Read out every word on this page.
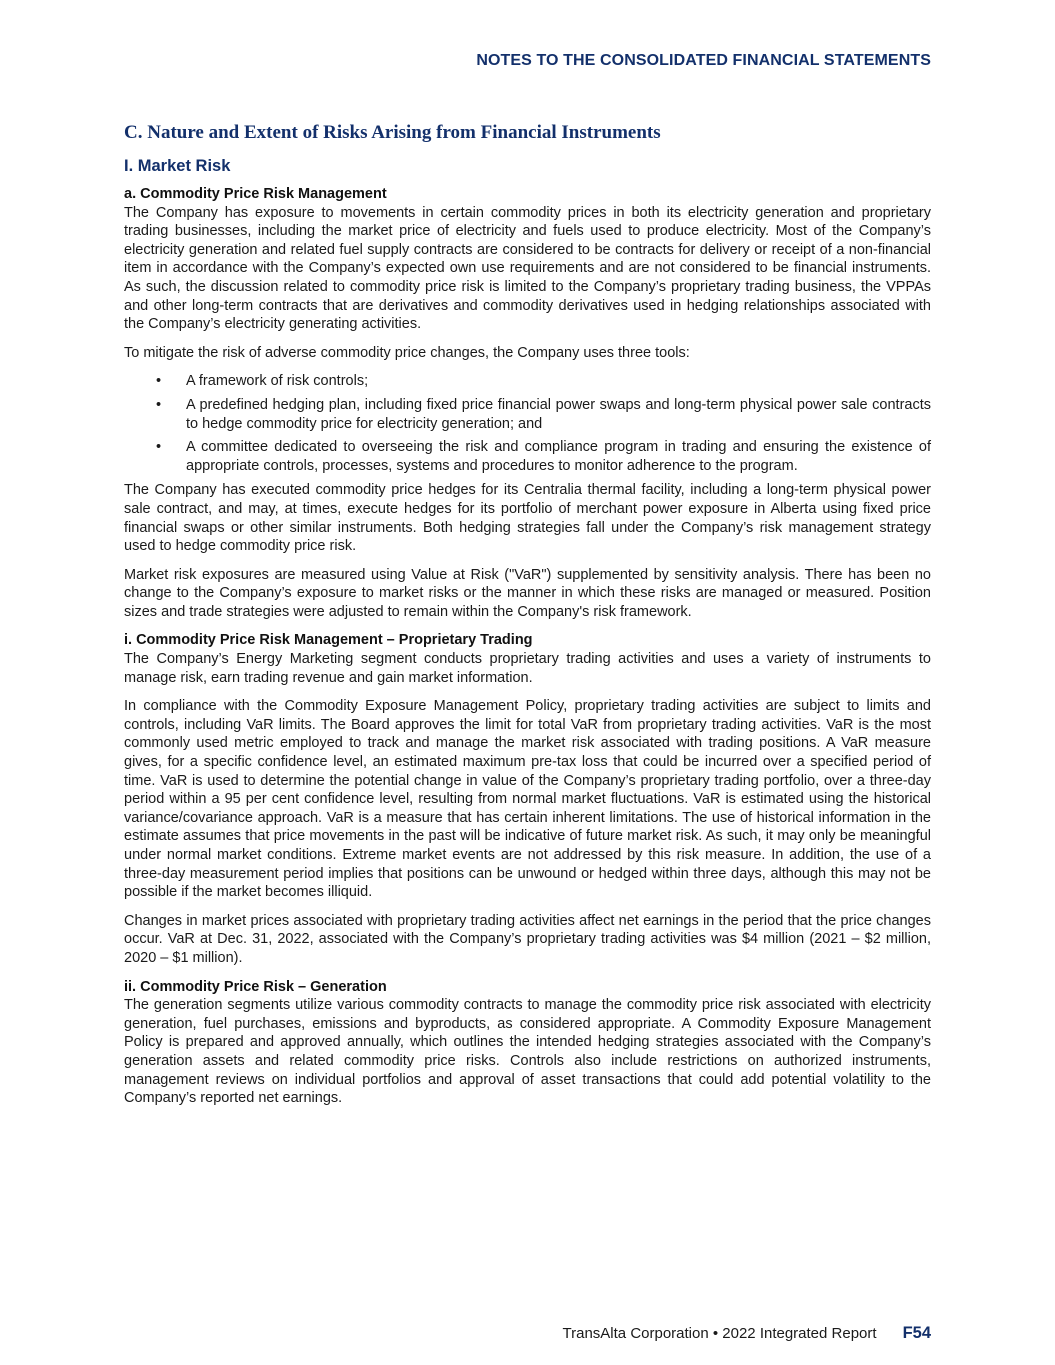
NOTES TO THE CONSOLIDATED FINANCIAL STATEMENTS
C. Nature and Extent of Risks Arising from Financial Instruments
I. Market Risk
a. Commodity Price Risk Management

The Company has exposure to movements in certain commodity prices in both its electricity generation and proprietary trading businesses, including the market price of electricity and fuels used to produce electricity. Most of the Company’s electricity generation and related fuel supply contracts are considered to be contracts for delivery or receipt of a non-financial item in accordance with the Company’s expected own use requirements and are not considered to be financial instruments. As such, the discussion related to commodity price risk is limited to the Company’s proprietary trading business, the VPPAs and other long-term contracts that are derivatives and commodity derivatives used in hedging relationships associated with the Company’s electricity generating activities.

To mitigate the risk of adverse commodity price changes, the Company uses three tools:

• A framework of risk controls;
• A predefined hedging plan, including fixed price financial power swaps and long-term physical power sale contracts to hedge commodity price for electricity generation; and
• A committee dedicated to overseeing the risk and compliance program in trading and ensuring the existence of appropriate controls, processes, systems and procedures to monitor adherence to the program.

The Company has executed commodity price hedges for its Centralia thermal facility, including a long-term physical power sale contract, and may, at times, execute hedges for its portfolio of merchant power exposure in Alberta using fixed price financial swaps or other similar instruments. Both hedging strategies fall under the Company’s risk management strategy used to hedge commodity price risk.

Market risk exposures are measured using Value at Risk ("VaR") supplemented by sensitivity analysis. There has been no change to the Company’s exposure to market risks or the manner in which these risks are managed or measured. Position sizes and trade strategies were adjusted to remain within the Company's risk framework.

i. Commodity Price Risk Management – Proprietary Trading

The Company’s Energy Marketing segment conducts proprietary trading activities and uses a variety of instruments to manage risk, earn trading revenue and gain market information.

In compliance with the Commodity Exposure Management Policy, proprietary trading activities are subject to limits and controls, including VaR limits. The Board approves the limit for total VaR from proprietary trading activities. VaR is the most commonly used metric employed to track and manage the market risk associated with trading positions. A VaR measure gives, for a specific confidence level, an estimated maximum pre-tax loss that could be incurred over a specified period of time. VaR is used to determine the potential change in value of the Company’s proprietary trading portfolio, over a three-day period within a 95 per cent confidence level, resulting from normal market fluctuations. VaR is estimated using the historical variance/covariance approach. VaR is a measure that has certain inherent limitations. The use of historical information in the estimate assumes that price movements in the past will be indicative of future market risk. As such, it may only be meaningful under normal market conditions. Extreme market events are not addressed by this risk measure. In addition, the use of a three-day measurement period implies that positions can be unwound or hedged within three days, although this may not be possible if the market becomes illiquid.

Changes in market prices associated with proprietary trading activities affect net earnings in the period that the price changes occur. VaR at Dec. 31, 2022, associated with the Company’s proprietary trading activities was $4 million (2021 – $2 million, 2020 – $1 million).

ii. Commodity Price Risk – Generation

The generation segments utilize various commodity contracts to manage the commodity price risk associated with electricity generation, fuel purchases, emissions and byproducts, as considered appropriate. A Commodity Exposure Management Policy is prepared and approved annually, which outlines the intended hedging strategies associated with the Company’s generation assets and related commodity price risks. Controls also include restrictions on authorized instruments, management reviews on individual portfolios and approval of asset transactions that could add potential volatility to the Company’s reported net earnings.

TransAlta Corporation • 2022 Integrated Report F54
